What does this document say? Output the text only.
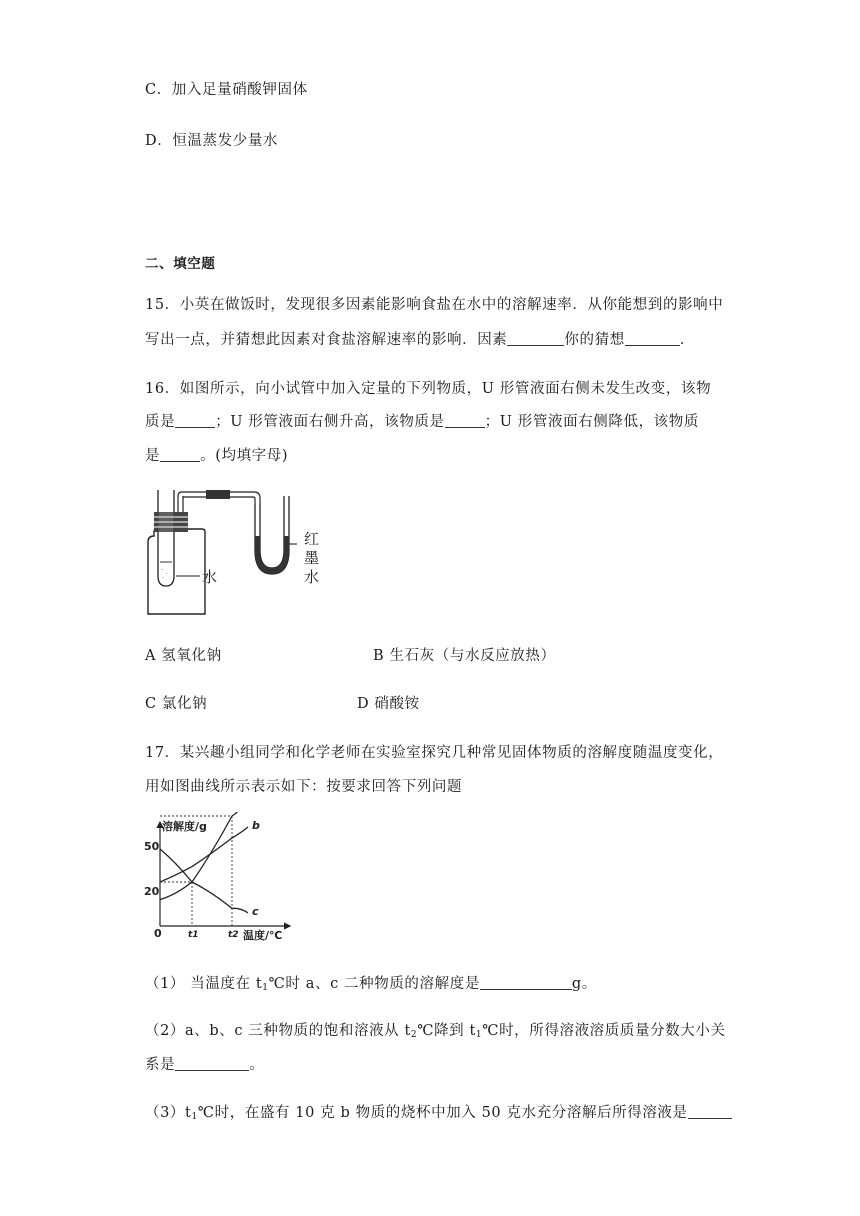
C．加入足量硝酸钾固体
D．恒温蒸发少量水
二、填空题
15．小英在做饭时，发现很多因素能影响食盐在水中的溶解速率．从你能想到的影响中
写出一点，并猜想此因素对食盐溶解速率的影响．因素	你的猜想	．
16．如图所示，向小试管中加入定量的下列物质，U 形管液面右侧未发生改变，该物
质是	；U 形管液面右侧升高，该物质是	；U 形管液面右侧降低，该物质
是	。(均填字母)
·
·
·	水
红
墨
水
A 氢氧化钠	B 生石灰（与水反应放热）
C 氯化钠	D 硝酸铵
17．某兴趣小组同学和化学老师在实验室探究几种常见固体物质的溶解度随温度变化，
用如图曲线所示表示如下：按要求回答下列问题
溶解度/g
温度/℃
50
20
0	t1	t2
b
c
（1） 当温度在 $t_1℃$时 a、c 二种物质的溶解度是	g。
（2）a、b、c 三种物质的饱和溶液从 $t_2℃$降到 $t_1℃$时，所得溶液溶质质量分数大小关
系是	。
$(3)t_1℃$时，在盛有 10 克 b 物质的烧杯中加入 50 克水充分溶解后所得溶液是
